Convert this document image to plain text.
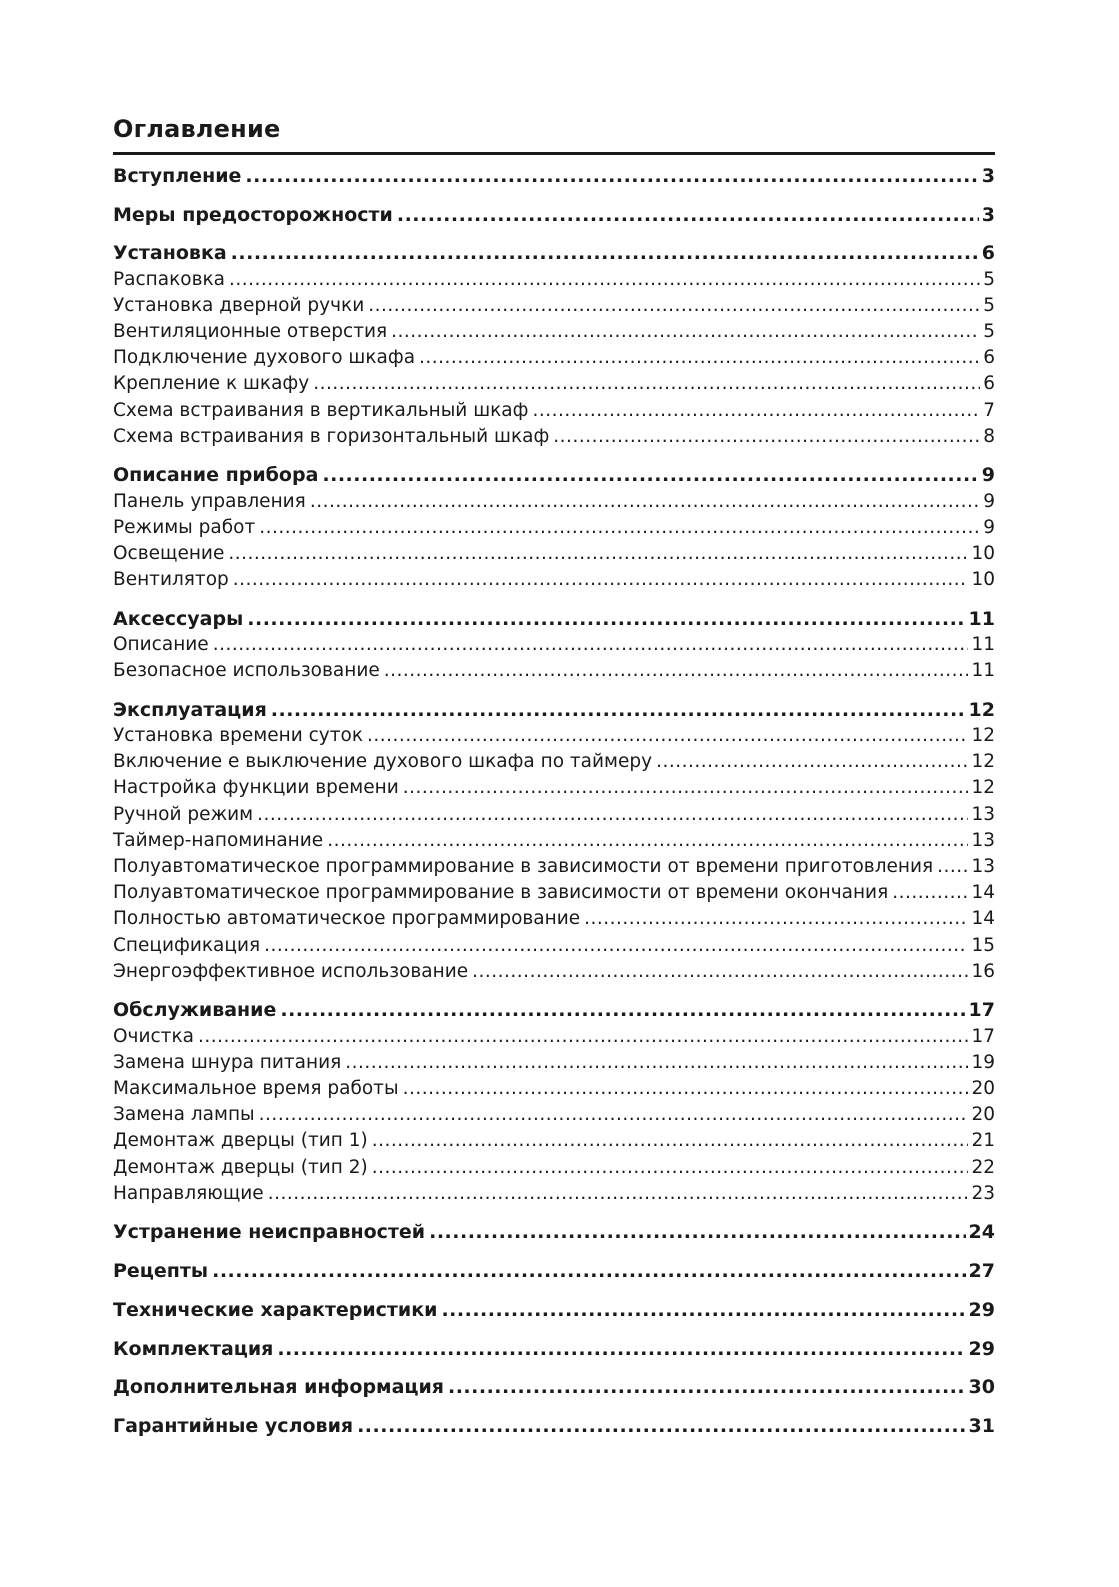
Оглавление
Вступление .....	3
Меры предосторожности .....	3
Установка .....	6
Распаковка .....	5
Установка дверной ручки .....	5
Вентиляционные отверстия .....	5
Подключение духового шкафа .....	6
Крепление к шкафу .....	6
Схема встраивания в вертикальный шкаф .....	7
Схема встраивания в горизонтальный шкаф .....	8
Описание прибора .....	9
Панель управления .....	9
Режимы работ .....	9
Освещение .....	10
Вентилятор .....	10
Аксессуары .....	11
Описание .....	11
Безопасное использование .....	11
Эксплуатация .....	12
Установка времени суток .....	12
Включение е выключение духового шкафа по таймеру .....	12
Настройка функции времени .....	12
Ручной режим .....	13
Таймер-напоминание .....	13
Полуавтоматическое программирование в зависимости от времени приготовления ..... 13
Полуавтоматическое программирование в зависимости от времени окончания .....	14
Полностью автоматическое программирование .....	14
Спецификация .....	15
Энергоэффективное использование .....	16
Обслуживание .....	17
Очистка .....	17
Замена шнура питания .....	19
Максимальное время работы .....	20
Замена лампы .....	20
Демонтаж дверцы (тип 1) .....	21
Демонтаж дверцы (тип 2) .....	22
Направляющие .....	23
Устранение неисправностей .....	24
Рецепты .....	27
Технические характеристики .....	29
Комплектация .....	29
Дополнительная информация .....	30
Гарантийные условия .....	31
